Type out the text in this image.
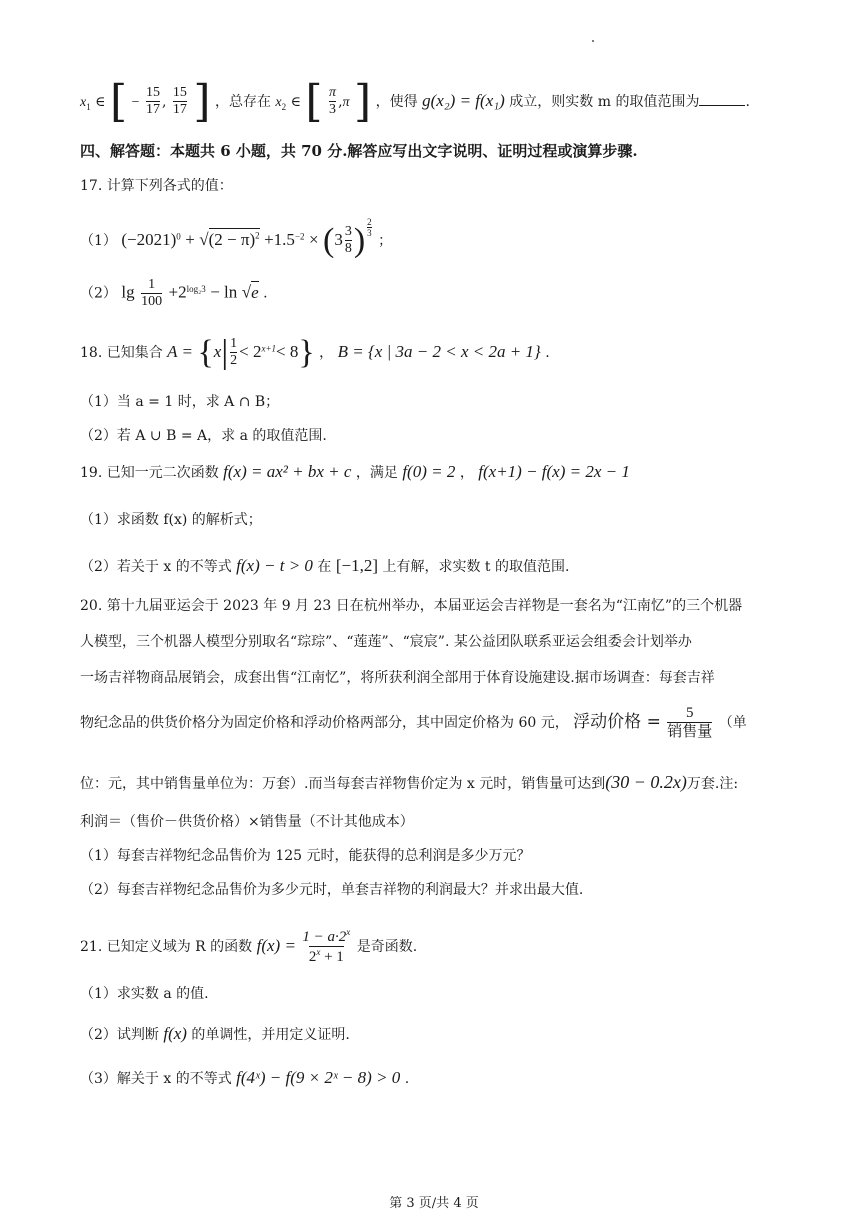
$x_1$ ∈ [ − $\frac{15}{17}$ , $\frac{15}{17}$ ] ，总存在 $x_2$ ∈ [ $\frac{\pi}{3} ,\pi$ ] ，使得 g(x₂) = f(x₁) 成立，则实数 m 的取值范围为	.
四、解答题：本题共 6 小题，共 70 分.解答应写出文字说明、证明过程或演算步骤.
17. 计算下列各式的值：
（1） $(-2021)^0 + √(2 - \pi)^2 +1.5^{-2} \times (3 \frac{3}{8}$ ) $^{\frac{2}{3}}$
；
（2） $\lg \frac{1}{100} +2^{log_23} - \ln √e$ .
18. 已知集合 $A = \{x| \frac{1}{2} < 2^{x+1}< 8\}$ ， B = {x | 3a − 2 < x < 2a + 1} .
（1）当 a = 1 时，求 A ∩ B；
（2）若 A ∪ B = A，求 a 的取值范围.
19. 已知一元二次函数 f(x) = ax² + bx + c ，满足 f(0) = 2 ， f(x+1) − f(x) = 2x − 1
（1）求函数 f(x) 的解析式；
（2）若关于 x 的不等式 f(x) − t > 0 在 [−1,2] 上有解，求实数 t 的取值范围.
20. 第十九届亚运会于 2023 年 9 月 23 日在杭州举办，本届亚运会吉祥物是一套名为“江南忆”的三个机器
人模型，三个机器人模型分别取名“琮琮”、“莲莲”、“宸宸”. 某公益团队联系亚运会组委会计划举办
一场吉祥物商品展销会，成套出售“江南忆”，将所获利润全部用于体育设施建设.据市场调查：每套吉祥
物纪念品的供货价格分为固定价格和浮动价格两部分，其中固定价格为 60 元， 浮动价格 = $\frac{5}{\text{销售量}}$ （单
位：元，其中销售量单位为：万套）.而当每套吉祥物售价定为 x 元时，销售量可达到(30 − 0.2x)万套.注:
利润＝（售价－供货价格）×销售量（不计其他成本）
（1）每套吉祥物纪念品售价为 125 元时，能获得的总利润是多少万元？
（2）每套吉祥物纪念品售价为多少元时，单套吉祥物的利润最大？并求出最大值.
21. 已知定义域为 R 的函数 $f(x) = \frac{1 - a\cdot 2^x}{2^x + 1}$ 是奇函数.
（1）求实数 a 的值.
（2）试判断 f(x) 的单调性，并用定义证明.
（3）解关于 x 的不等式 f(4ˣ) − f(9 × 2ˣ − 8) > 0 .
第 3 页/共 4 页
